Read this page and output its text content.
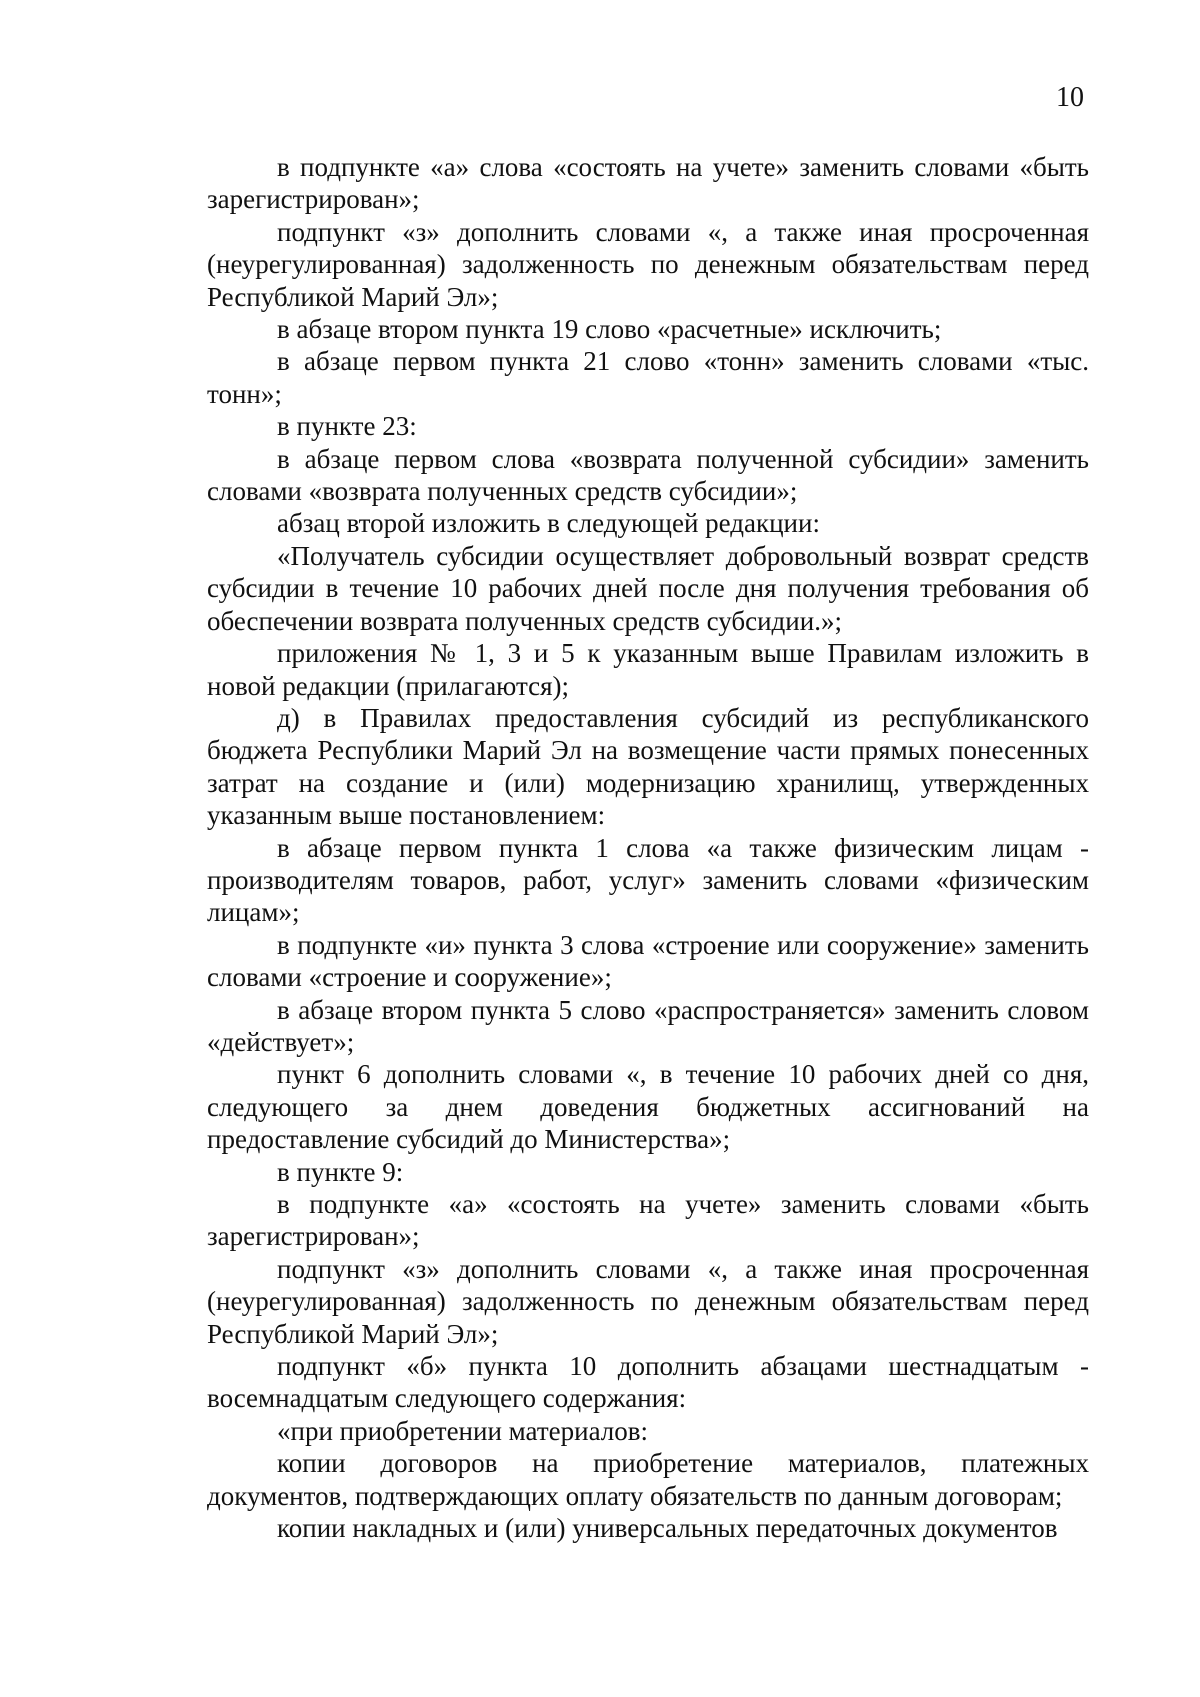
10

в подпункте «а» слова «состоять на учете» заменить словами «быть зарегистрирован»;

подпункт «з» дополнить словами «, а также иная просроченная (неурегулированная) задолженность по денежным обязательствам перед Республикой Марий Эл»;

в абзаце втором пункта 19 слово «расчетные» исключить;

в абзаце первом пункта 21 слово «тонн» заменить словами «тыс. тонн»;

в пункте 23:

в абзаце первом слова «возврата полученной субсидии» заменить словами «возврата полученных средств субсидии»;

абзац второй изложить в следующей редакции:

«Получатель субсидии осуществляет добровольный возврат средств субсидии в течение 10 рабочих дней после дня получения требования об обеспечении возврата полученных средств субсидии.»;

приложения № 1, 3 и 5 к указанным выше Правилам изложить в новой редакции (прилагаются);

д) в Правилах предоставления субсидий из республиканского бюджета Республики Марий Эл на возмещение части прямых понесенных затрат на создание и (или) модернизацию хранилищ, утвержденных указанным выше постановлением:

в абзаце первом пункта 1 слова «а также физическим лицам - производителям товаров, работ, услуг» заменить словами «физическим лицам»;

в подпункте «и» пункта 3 слова «строение или сооружение» заменить словами «строение и сооружение»;

в абзаце втором пункта 5 слово «распространяется» заменить словом «действует»;

пункт 6 дополнить словами «, в течение 10 рабочих дней со дня, следующего за днем доведения бюджетных ассигнований на предоставление субсидий до Министерства»;

в пункте 9:

в подпункте «а» «состоять на учете» заменить словами «быть зарегистрирован»;

подпункт «з» дополнить словами «, а также иная просроченная (неурегулированная) задолженность по денежным обязательствам перед Республикой Марий Эл»;

подпункт «б» пункта 10 дополнить абзацами шестнадцатым - восемнадцатым следующего содержания:

«при приобретении материалов:

копии договоров на приобретение материалов, платежных документов, подтверждающих оплату обязательств по данным договорам;

копии накладных и (или) универсальных передаточных документов
